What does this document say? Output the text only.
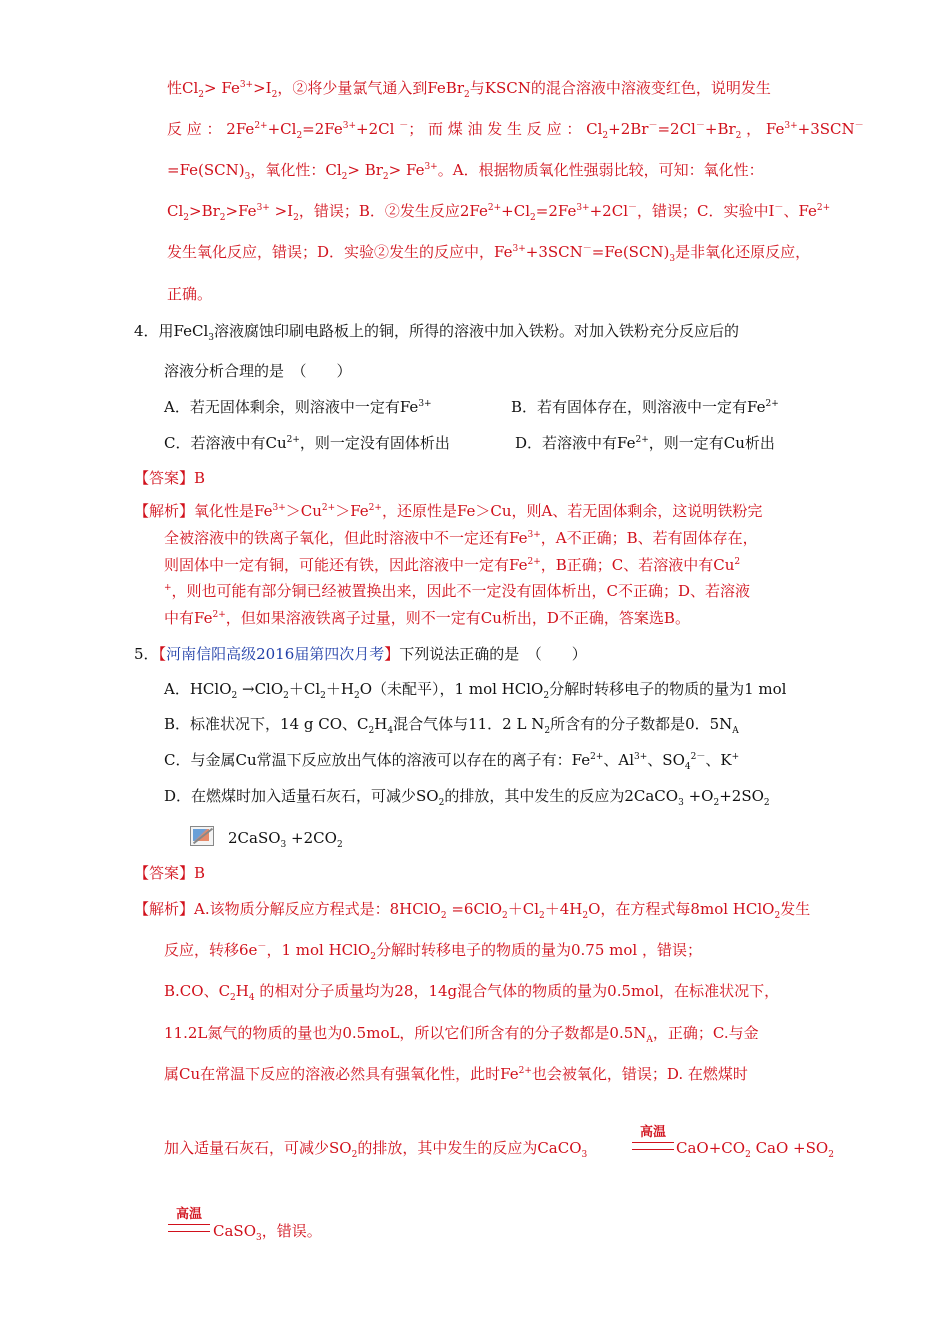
性$Cl_2> Fe^{3+}>I_2$，②将少量氯气通入到FeBr$_2$与KSCN的混合溶液中溶液变红色，说明发生
反 应 ： $2Fe^{2+}+Cl_2=2Fe^{3+}+2Cl$ －； 而 煤 油 发 生 反 应 ： $Cl_2+2Br^-=2Cl^-+Br_2$ ， $Fe^{3+}+3SCN^-$
$=Fe(SCN)_3$，氧化性：$Cl_2> Br_2> Fe^{3+}$。A．根据物质氧化性强弱比较，可知：氧化性：
$Cl_2>Br_2>Fe^{3+} >I_2$，错误；B．②发生反应$2Fe^{2+}+Cl_2=2Fe^{3+}+2Cl^-$，错误；C．实验中I－、$Fe^{2+}$
发生氧化反应，错误；D．实验②发生的反应中，$Fe^{3+}+3SCN^-=Fe(SCN)_3$是非氧化还原反应，
正确。
4．用FeCl$_3$溶液腐蚀印刷电路板上的铜，所得的溶液中加入铁粉。对加入铁粉充分反应后的
溶液分析合理的是　（　　）
A．若无固体剩余，则溶液中一定有$Fe^{3+}$	B．若有固体存在，则溶液中一定有$Fe^{2+}$
C．若溶液中有$Cu^{2+}$，则一定没有固体析出	D．若溶液中有$Fe^{2+}$，则一定有Cu析出
【答案】B
【解析】氧化性是$Fe^{3+}>Cu^{2+}>Fe^{2+}$，还原性是Fe＞Cu，则A、若无固体剩余，这说明铁粉完
全被溶液中的铁离子氧化，但此时溶液中不一定还有$Fe^{3+}$，A不正确；B、若有固体存在，
则固体中一定有铜，可能还有铁，因此溶液中一定有$Fe^{2+}$，B正确；C、若溶液中有Cu$^2$
+，则也可能有部分铜已经被置换出来，因此不一定没有固体析出，C不正确；D、若溶液
中有$Fe^{2+}$，但如果溶液铁离子过量，则不一定有Cu析出，D不正确，答案选B。
5．【河南信阳高级2016届第四次月考】下列说法正确的是　（　　）
A．HClO$_2$ $\to ClO_2+Cl_2+H_2O$（未配平），1 mol HClO$_2$分解时转移电子的物质的量为1 mol
B．标准状况下，14 g CO、$C_2H_4$混合气体与11．2 L $N_2$所含有的分子数都是0．$5N_A$
C．与金属Cu常温下反应放出气体的溶液可以存在的离子有：$Fe^{2+}$、$Al^{3+}$、$SO_4^{2-}$、K+
D．在燃煤时加入适量石灰石，可减少$SO_2$的排放，其中发生的反应为2CaCO$_3$ $+O_2+2SO_2$
2CaSO$_3$ $+2CO_2$
【答案】B
【解析】A.该物质分解反应方程式是：8HClO$_2$ $=6ClO_2+Cl_2+4H_2O$，在方程式每8mol HClO$_2$发生
反应，转移6e－，1 mol HClO$_2$分解时转移电子的物质的量为0.75 mol ，错误；
B.CO、$C_2H_4$ 的相对分子质量均为28，14g混合气体的物质的量为0.5mol，在标准状况下，
11.2L氮气的物质的量也为0.5moL，所以它们所含有的分子数都是$0.5N_A$，正确；C.与金
属Cu在常温下反应的溶液必然具有强氧化性，此时$Fe^{2+}$也会被氧化，错误；D. 在燃煤时
加入适量石灰石，可减少$SO_2$的排放，其中发生的反应为CaCO$_3$	$CaO+CO_2$ CaO $+SO_2$
CaSO$_3$，错误。
高温
高温
